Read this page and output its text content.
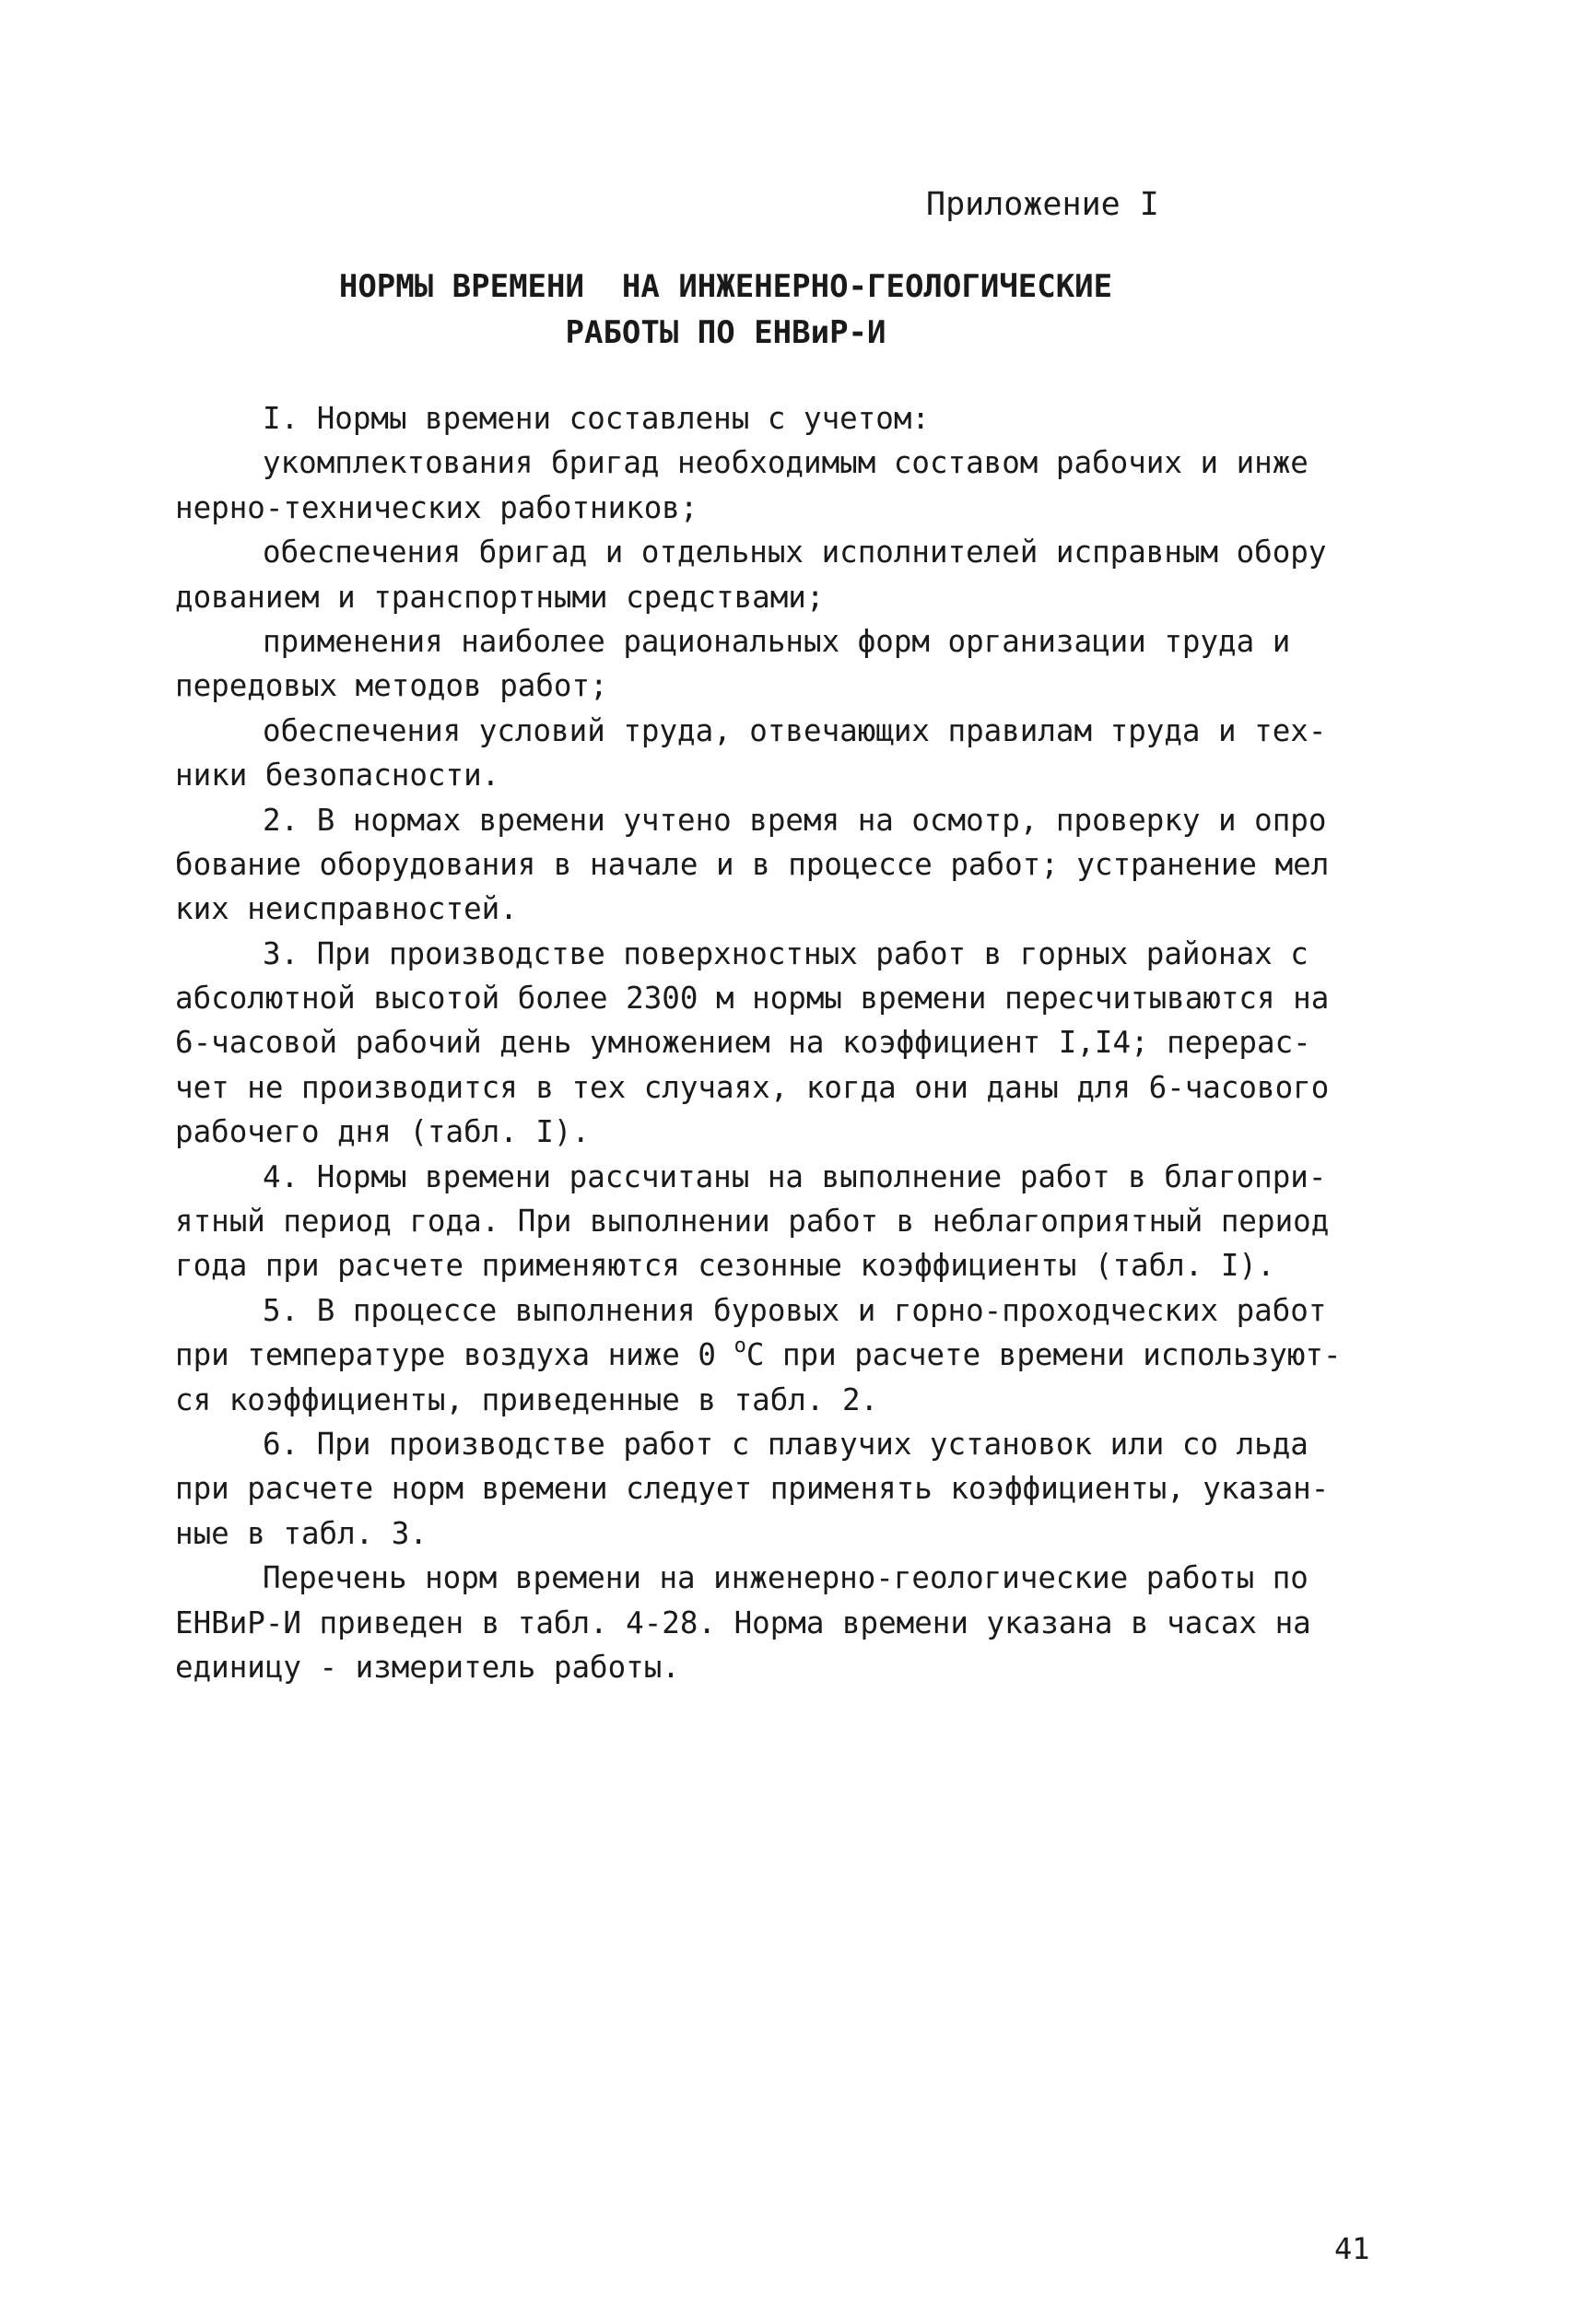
Приложение I
НОРМЫ ВРЕМЕНИ  НА ИНЖЕНЕРНО-ГЕОЛОГИЧЕСКИЕ
РАБОТЫ ПО ЕНВиР-И
I. Нормы времени составлены с учетом:
укомплектования бригад необходимым составом рабочих и инже
нерно-технических работников;
обеспечения бригад и отдельных исполнителей исправным обору
дованием и транспортными средствами;
применения наиболее рациональных форм организации труда и
передовых методов работ;
обеспечения условий труда, отвечающих правилам труда и тех-
ники безопасности.
2. В нормах времени учтено время на осмотр, проверку и опро
бование оборудования в начале и в процессе работ; устранение мел
ких неисправностей.
3. При производстве поверхностных работ в горных районах с
абсолютной высотой более 2300 м нормы времени пересчитываются на
6-часовой рабочий день умножением на коэффициент I,I4; перерас-
чет не производится в тех случаях, когда они даны для 6-часового
рабочего дня (табл. I).
4. Нормы времени рассчитаны на выполнение работ в благопри-
ятный период года. При выполнении работ в неблагоприятный период
года при расчете применяются сезонные коэффициенты (табл. I).
5. В процессе выполнения буровых и горно-проходческих работ
при температуре воздуха ниже 0 $^о$С при расчете времени используют-
ся коэффициенты, приведенные в табл. 2.
6. При производстве работ с плавучих установок или со льда
при расчете норм времени следует применять коэффициенты, указан-
ные в табл. 3.
Перечень норм времени на инженерно-геологические работы по
ЕНВиР-И приведен в табл. 4-28. Норма времени указана в часах на
единицу - измеритель работы.
41
